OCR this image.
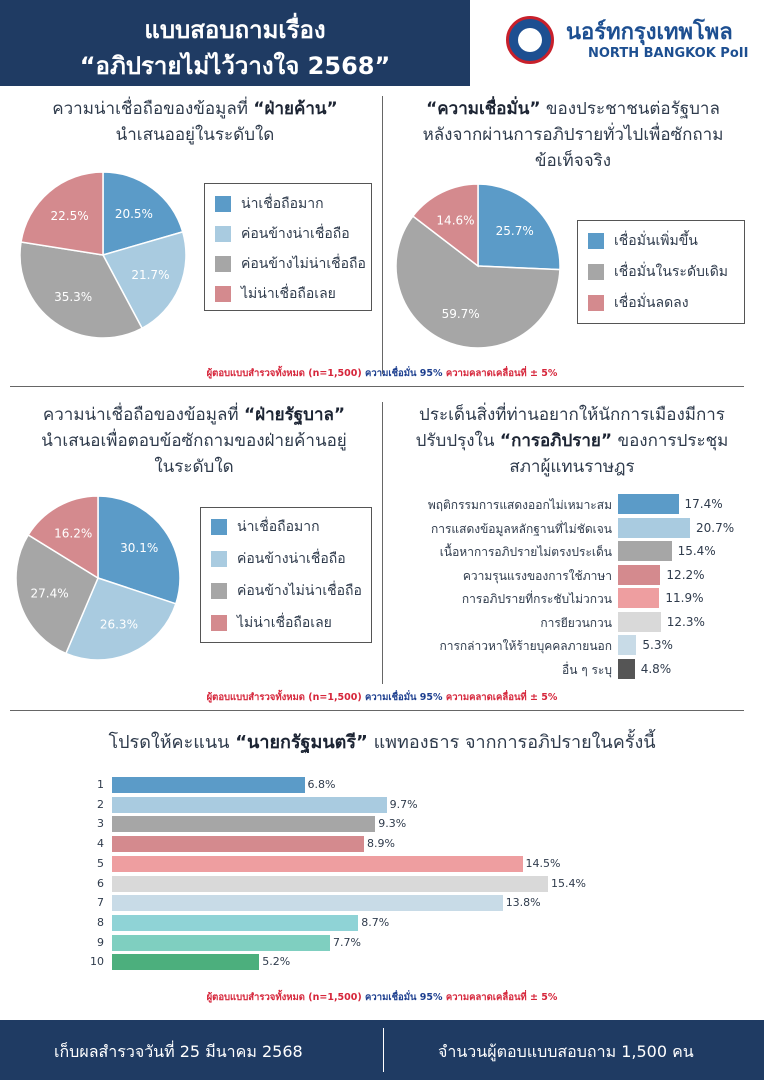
แบบสอบถามเรื่อง
“อภิปรายไม่ไว้วางใจ 2568”
นอร์ทกรุงเทพโพล
NORTH BANGKOK PoII
ความน่าเชื่อถือของข้อมูลที่ “ฝ่ายค้าน”
นำเสนออยู่ในระดับใด
“ความเชื่อมั่น” ของประชาชนต่อรัฐบาล
หลังจากผ่านการอภิปรายทั่วไปเพื่อซักถาม
ข้อเท็จจริง
20.5%
21.7%
35.3%
22.5%
น่าเชื่อถือมาก
ค่อนข้างน่าเชื่อถือ
ค่อนข้างไม่น่าเชื่อถือ
ไม่น่าเชื่อถือเลย
25.7%
59.7%
14.6%
เชื่อมั่นเพิ่มขึ้น
เชื่อมั่นในระดับเดิม
เชื่อมั่นลดลง
ผู้ตอบแบบสำรวจทั้งหมด (n=1,500) ความเชื่อมั่น 95% ความคลาดเคลื่อนที่ ± 5%
ความน่าเชื่อถือของข้อมูลที่ “ฝ่ายรัฐบาล”
นำเสนอเพื่อตอบข้อซักถามของฝ่ายค้านอยู่
ในระดับใด
ประเด็นสิ่งที่ท่านอยากให้นักการเมืองมีการ
ปรับปรุงใน “การอภิปราย” ของการประชุม
สภาผู้แทนราษฎร
30.1%
26.3%
27.4%
16.2%	น่าเชื่อถือมาก
ค่อนข้างน่าเชื่อถือ
ค่อนข้างไม่น่าเชื่อถือ
ไม่น่าเชื่อถือเลย
พฤติกรรมการแสดงออกไม่เหมาะสม	17.4%
การแสดงข้อมูลหลักฐานที่ไม่ชัดเจน	20.7%
เนื้อหาการอภิปรายไม่ตรงประเด็น	15.4%
ความรุนแรงของการใช้ภาษา	12.2%
การอภิปรายที่กระชับไม่วกวน	11.9%
การยียวนกวน	12.3%
การกล่าวหาให้ร้ายบุคคลภายนอก	5.3%
อื่น ๆ ระบุ 4.8%
ผู้ตอบแบบสำรวจทั้งหมด (n=1,500) ความเชื่อมั่น 95% ความคลาดเคลื่อนที่ ± 5%
โปรดให้คะแนน “นายกรัฐมนตรี” แพทองธาร จากการอภิปรายในครั้งนี้
1	6.8%
2	9.7%
3	9.3%
4	8.9%
5	14.5%
6	15.4%
7	13.8%
8	8.7%
9	7.7%
10	5.2%
ผู้ตอบแบบสำรวจทั้งหมด (n=1,500) ความเชื่อมั่น 95% ความคลาดเคลื่อนที่ ± 5%
เก็บผลสำรวจวันที่ 25 มีนาคม 2568	จำนวนผู้ตอบแบบสอบถาม 1,500 คน
